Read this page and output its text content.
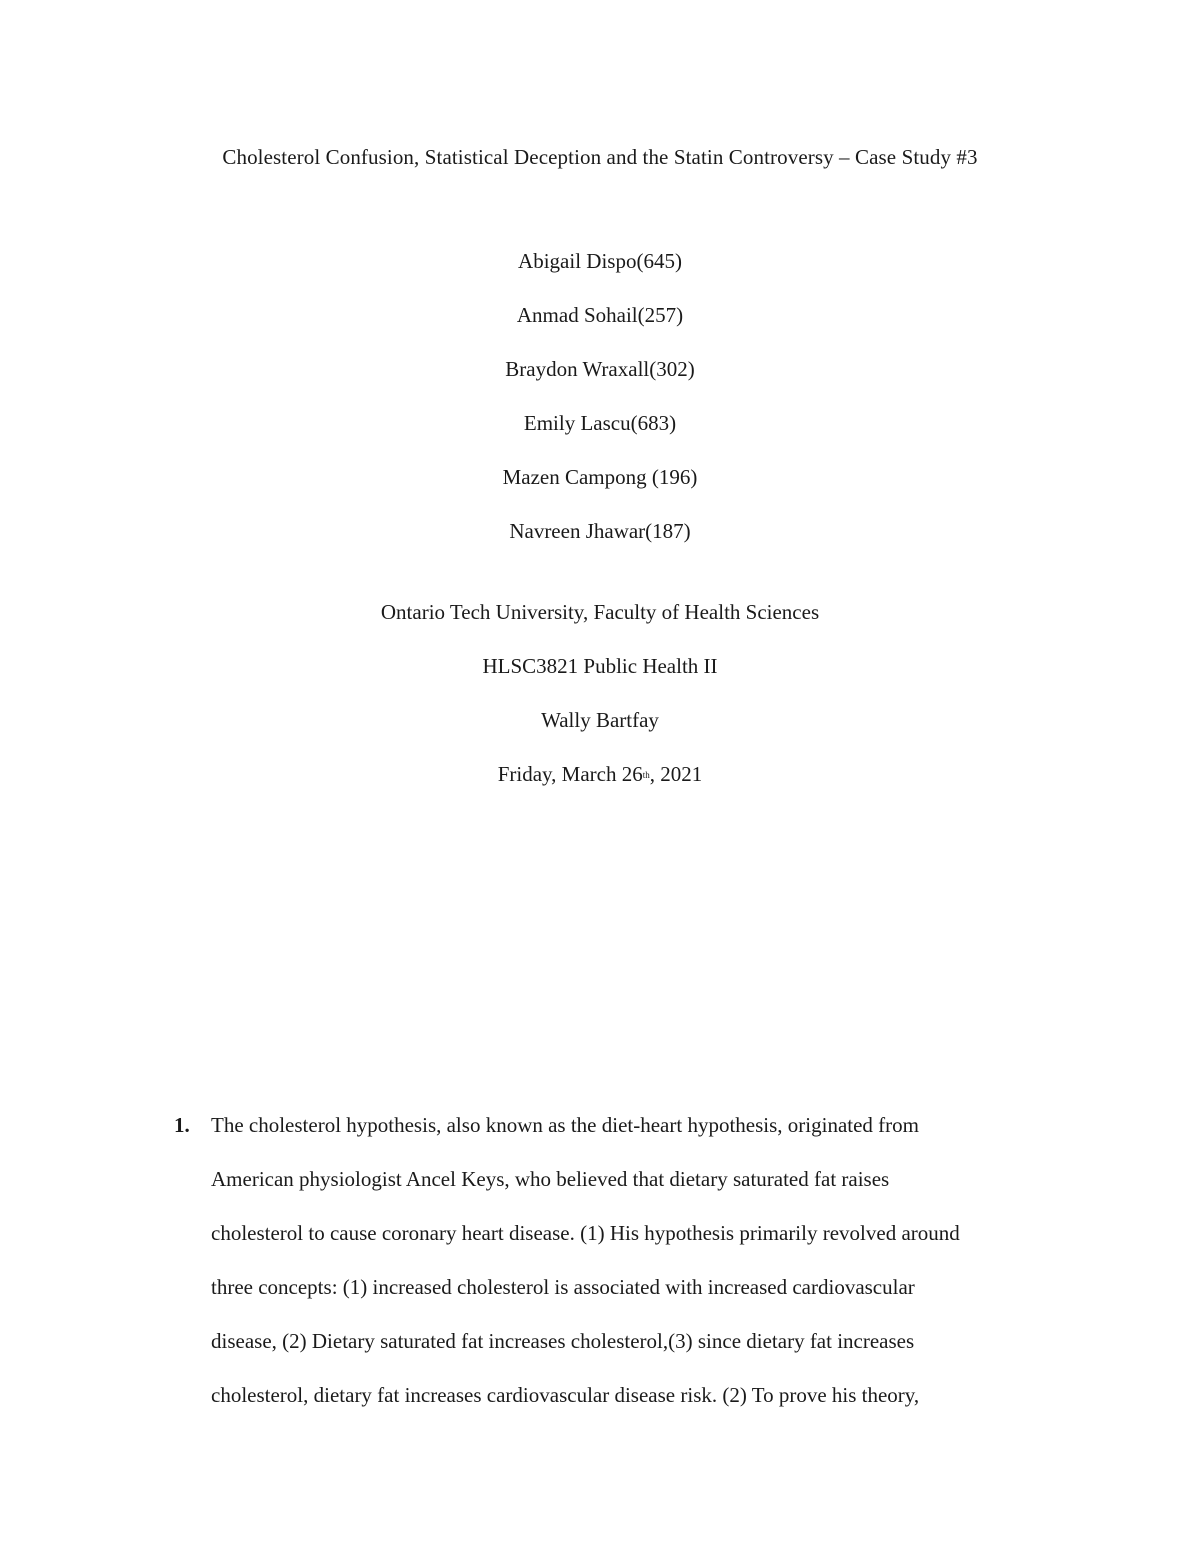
Cholesterol Confusion, Statistical Deception and the Statin Controversy – Case Study #3
Abigail Dispo(645)
Anmad Sohail(257)
Braydon Wraxall(302)
Emily Lascu(683)
Mazen Campong (196)
Navreen Jhawar(187)
Ontario Tech University, Faculty of Health Sciences
HLSC3821 Public Health II
Wally Bartfay
Friday, March 26th, 2021
1. The cholesterol hypothesis, also known as the diet-heart hypothesis, originated from
American physiologist Ancel Keys, who believed that dietary saturated fat raises
cholesterol to cause coronary heart disease. (1) His hypothesis primarily revolved around
three concepts: (1) increased cholesterol is associated with increased cardiovascular
disease, (2) Dietary saturated fat increases cholesterol,(3) since dietary fat increases
cholesterol, dietary fat increases cardiovascular disease risk. (2) To prove his theory,
